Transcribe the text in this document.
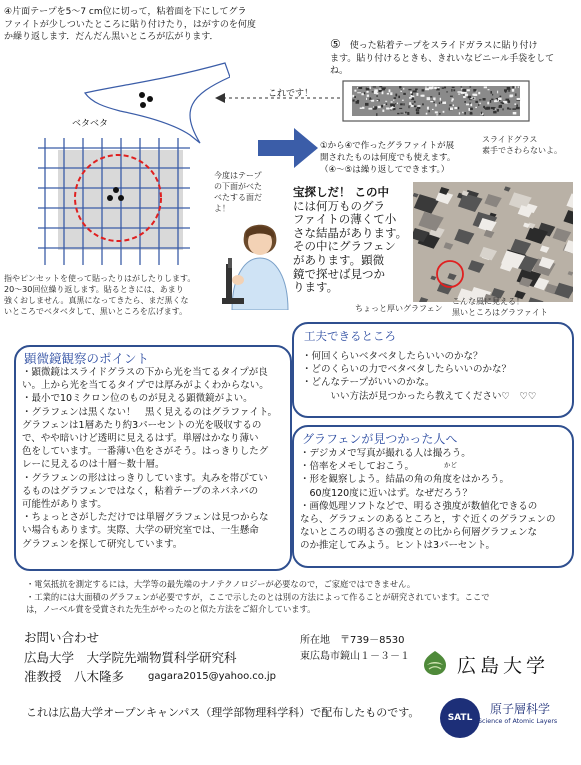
④片面テープを5～7 cm位に切って，粘着面を下にしてグラ
ファイトが少しついたところに貼り付けたり，はがすのを何度
か繰り返します．だんだん黒いところが広がります．
ベタベタ
今度はテープ
の下面がべた
べたする面だ
よ！
指やピンセットを使って貼ったりはがしたりします。
20～30回位繰り返します。貼るときには、あまり
強くおしません。真黒になってきたら、まだ黒くな
いところでベタベタして、黒いところを広げます。
⑤　 使った粘着テープをスライドガラスに貼り付け
ます。貼り付けるときも、きれいなビニール手袋をして
ね。
これです！
スライドグラス
素手でさわらないよ。
①から④で作ったグラファイトが展
開されたものは何度でも使えます。
（④～⑤は繰り返してできます。）
宝探しだ！ この中
には何万ものグラ
ファイトの薄くて小
さな結晶があります。
その中にグラフェン
があります。顕微
鏡で探せば見つか
ります。
ちょっと厚いグラフェン
こんな風に見える！
黒いところはグラファイト
工夫できるところ
・何回くらいベタベタしたらいいのかな？
・どのくらいの力でベタベタしたらいいのかな？
・どんなテープがいいのかな。
　　　いい方法が見つかったら教えてください♡　♡♡
顕微鏡観察のポイント
・顕微鏡はスライドグラスの下から光を当てるタイプが良
い。上から光を当てるタイプでは厚みがよくわからない。
・最小で10ミクロン位のものが見える顕微鏡がよい。
・グラフェンは黒くない！　黒く見えるのはグラファイト。
グラフェンは1層あたり約3パーセントの光を吸収するの
で、やや暗いけど透明に見えるはず。単層はかなり薄い
色をしています。一番薄い色をさがそう。はっきりしたグ
レーに見えるのは十層～数十層。
・グラフェンの形ははっきりしています。丸みを帯びてい
るものはグラフェンではなく，粘着テープのネバネバの
可能性があります。
・ちょっとさがしただけでは単層グラフェンは見つからな
い場合もあります。実際、大学の研究室では、一生懸命
グラフェンを探して研究しています。
グラフェンが見つかった人へ
かど
・デジカメで写真が撮れる人は撮ろう。
・倍率をメモしておこう。
・形を観察しよう。結晶の角の角度をはかろう。
　60度120度に近いはず。なぜだろう？
・画像処理ソフトなどで、明るさ強度が数値化できるの
なら、グラフェンのあるところと，すぐ近くのグラフェンの
ないところの明るさの強度との比から何層グラフェンな
のか推定してみよう。ヒントは3パーセント。
・電気抵抗を測定するには，大学等の最先端のナノテクノロジーが必要なので，ご家庭ではできません。
・工業的には大面積のグラフェンが必要ですが，ここで示したのとは別の方法によって作ることが研究されています。ここで
は，ノーベル賞を受賞された先生がやったのと似た方法をご紹介しています。
お問い合わせ
広島大学　大学院先端物質科学研究科
准教授　八木隆多 gagara2015@yahoo.co.jp
所在地　〒739－8530
東広島市鏡山１－３－１ 広島大学
これは広島大学オープンキャンパス（理学部物理科学科）で配布したものです。	SATL
原子層科学
Science of Atomic Layers
